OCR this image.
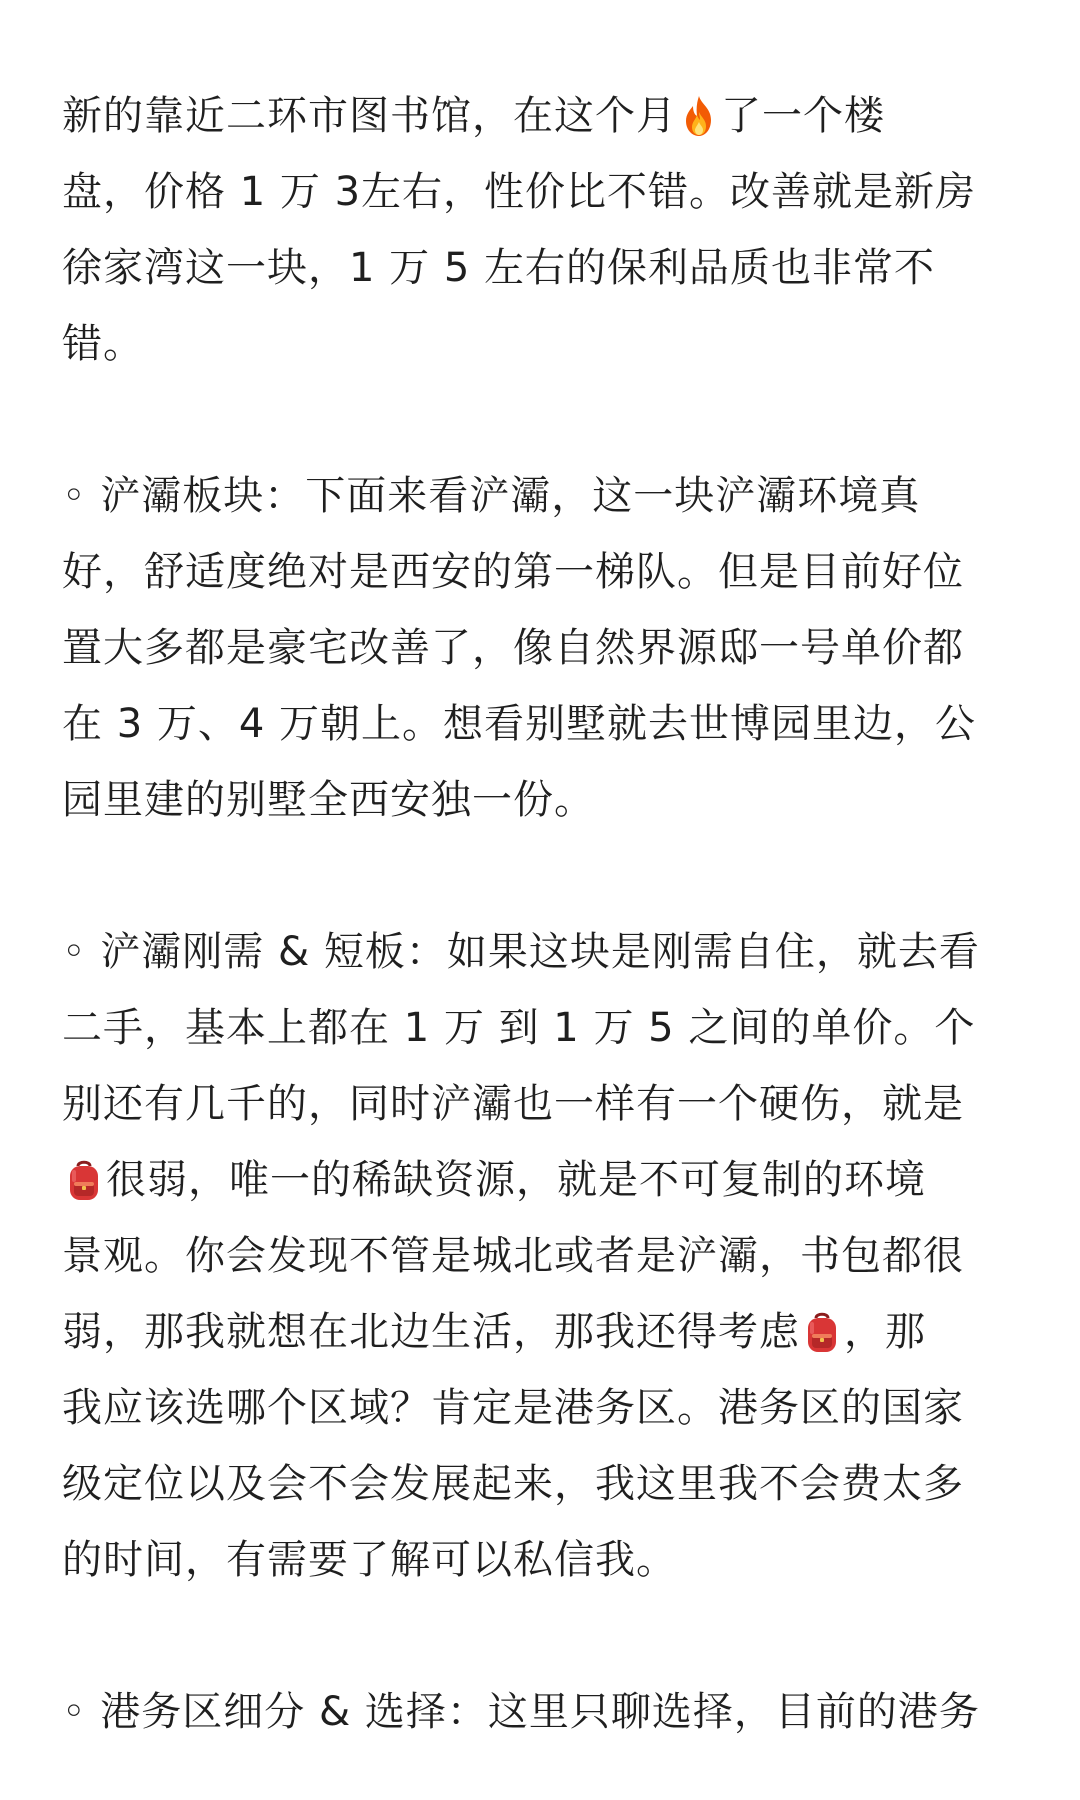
新的靠近二环市图书馆，在这个月 了一个楼
盘，价格 1 万 3左右，性价比不错。改善就是新房
徐家湾这一块，1 万 5 左右的保利品质也非常不
错。
◦ 浐灞板块：下面来看浐灞，这一块浐灞环境真
好，舒适度绝对是西安的第一梯队。但是目前好位
置大多都是豪宅改善了，像自然界源邸一号单价都
在 3 万、4 万朝上。想看别墅就去世博园里边，公
园里建的别墅全西安独一份。
◦ 浐灞刚需 & 短板：如果这块是刚需自住，就去看
二手，基本上都在 1 万 到 1 万 5 之间的单价。个
别还有几千的，同时浐灞也一样有一个硬伤，就是
很弱，唯一的稀缺资源，就是不可复制的环境
景观。你会发现不管是城北或者是浐灞，书包都很
弱，那我就想在北边生活，那我还得考虑 ，那
我应该选哪个区域？肯定是港务区。港务区的国家
级定位以及会不会发展起来，我这里我不会费太多
的时间，有需要了解可以私信我。
◦ 港务区细分 & 选择：这里只聊选择，目前的港务
